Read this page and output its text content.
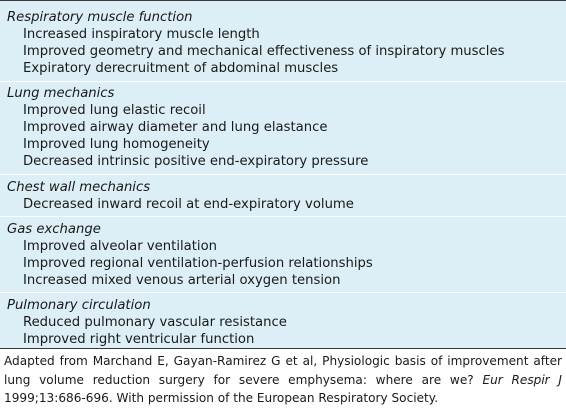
Respiratory muscle function
Increased inspiratory muscle length
Improved geometry and mechanical effectiveness of inspiratory muscles
Expiratory derecruitment of abdominal muscles
Lung mechanics
Improved lung elastic recoil
Improved airway diameter and lung elastance
Improved lung homogeneity
Decreased intrinsic positive end-expiratory pressure
Chest wall mechanics
Decreased inward recoil at end-expiratory volume
Gas exchange
Improved alveolar ventilation
Improved regional ventilation-perfusion relationships
Increased mixed venous arterial oxygen tension
Pulmonary circulation
Reduced pulmonary vascular resistance
Improved right ventricular function
Adapted from Marchand E, Gayan-Ramirez G et al, Physiologic basis of improvement after lung volume reduction surgery for severe emphysema: where are we? Eur Respir J 1999;13:686-696. With permission of the European Respiratory Society.
